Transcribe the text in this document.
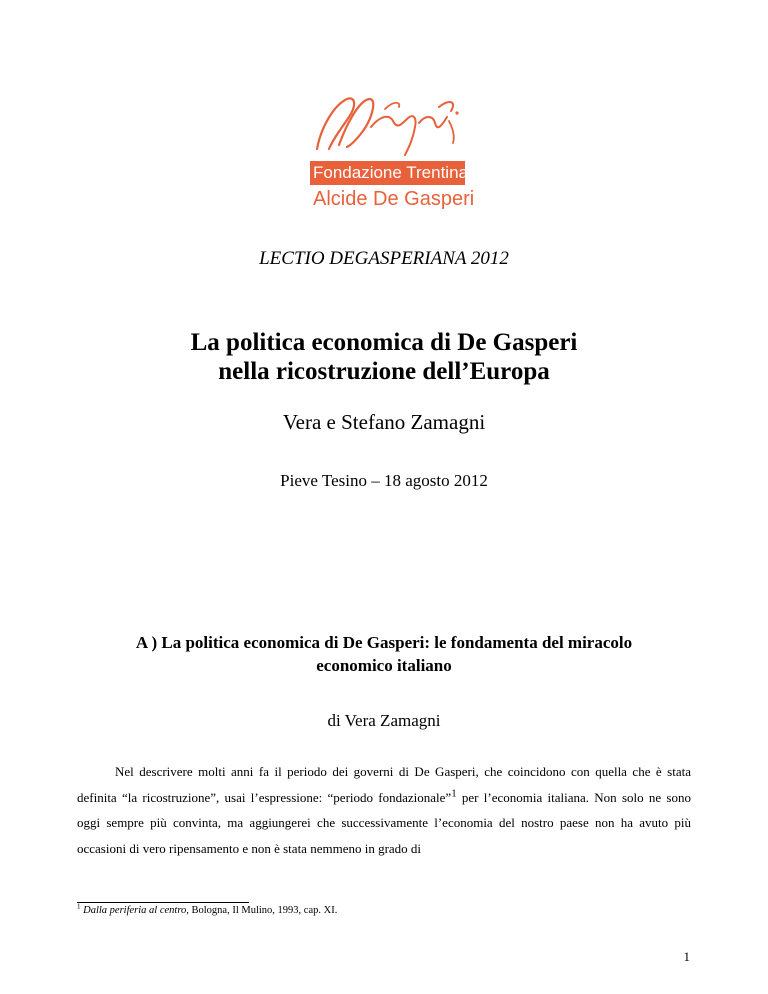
Fondazione Trentina
Alcide De Gasperi
LECTIO DEGASPERIANA 2012
La politica economica di De Gasperi nella ricostruzione dell’Europa
Vera e Stefano Zamagni
Pieve Tesino – 18 agosto 2012
A ) La politica economica di De Gasperi: le fondamenta del miracolo economico italiano
di Vera Zamagni

Nel descrivere molti anni fa il periodo dei governi di De Gasperi, che coincidono con quella che è stata definita “la ricostruzione”, usai l’espressione: “periodo fondazionale”$^1$ per l’economia italiana. Non solo ne sono oggi sempre più convinta, ma aggiungerei che successivamente l’economia del nostro paese non ha avuto più occasioni di vero ripensamento e non è stata nemmeno in grado di

$^1$ Dalla periferia al centro, Bologna, Il Mulino, 1993, cap. XI.
1
